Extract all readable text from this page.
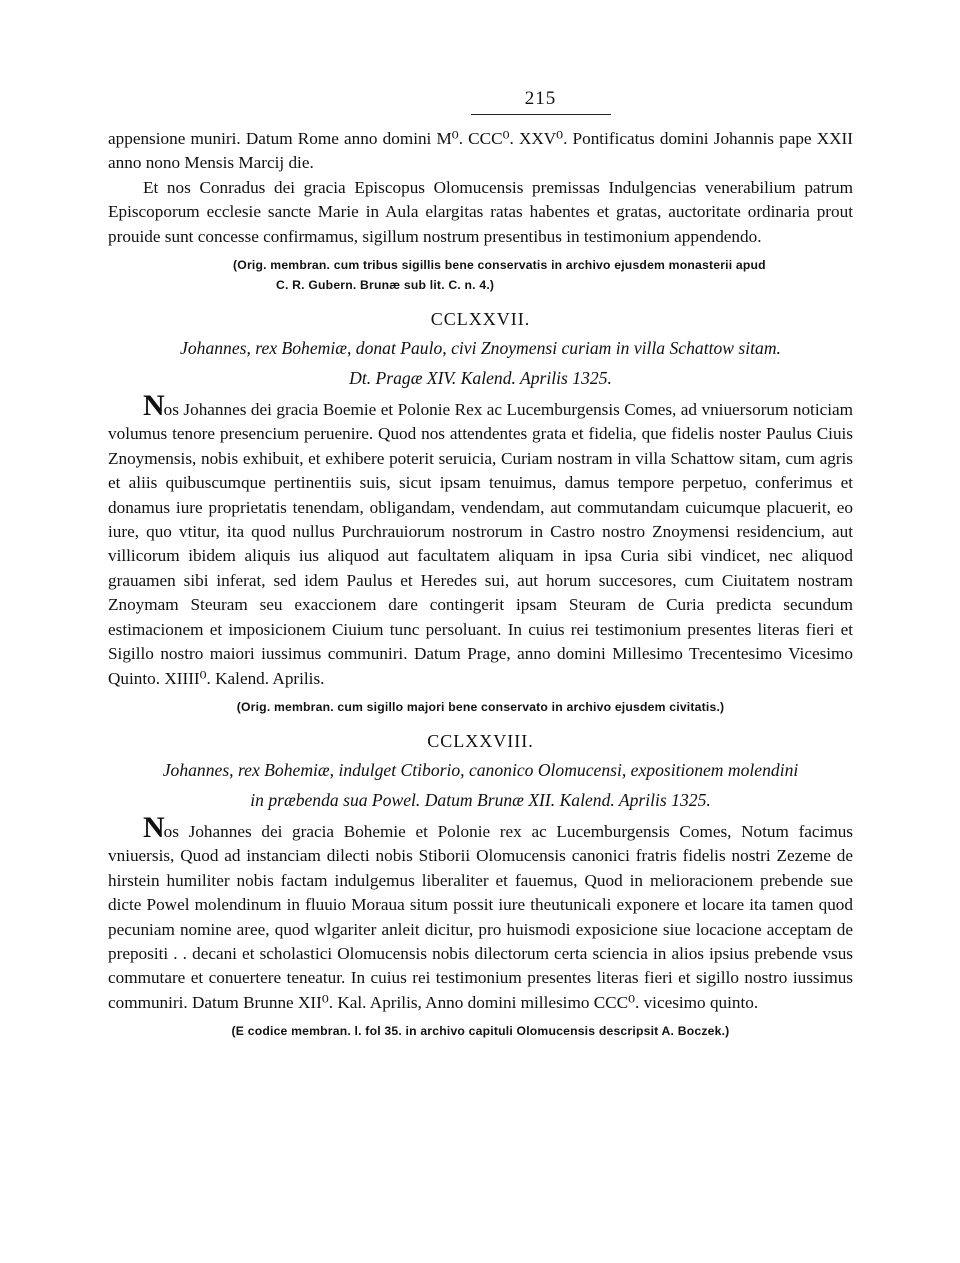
215

appensione muniri. Datum Rome anno domini M⁰. CCC⁰. XXV⁰. Pontificatus domini Johannis pape XXII anno nono Mensis Marcij die.

Et nos Conradus dei gracia Episcopus Olomucensis premissas Indulgencias venerabilium patrum Episcoporum ecclesie sancte Marie in Aula elargitas ratas habentes et gratas, auctoritate ordinaria prout prouide sunt concesse confirmamus, sigillum nostrum presentibus in testimonium appendendo.

(Orig. membran. cum tribus sigillis bene conservatis in archivo ejusdem monasterii apud
C. R. Gubern. Brunæ sub lit. C. n. 4.)
CCLXXVII.
Johannes, rex Bohemiæ, donat Paulo, civi Znoymensi curiam in villa Schattow sitam.
Dt. Pragæ XIV. Kalend. Aprilis 1325.

Nos Johannes dei gracia Boemie et Polonie Rex ac Lucemburgensis Comes, ad vniuersorum noticiam volumus tenore presencium peruenire. Quod nos attendentes grata et fidelia, que fidelis noster Paulus Ciuis Znoymensis, nobis exhibuit, et exhibere poterit seruicia, Curiam nostram in villa Schattow sitam, cum agris et aliis quibuscumque pertinentiis suis, sicut ipsam tenuimus, damus tempore perpetuo, conferimus et donamus iure proprietatis tenendam, obligandam, vendendam, aut commutandam cuicumque placuerit, eo iure, quo vtitur, ita quod nullus Purchrauiorum nostrorum in Castro nostro Znoymensi residencium, aut villicorum ibidem aliquis ius aliquod aut facultatem aliquam in ipsa Curia sibi vindicet, nec aliquod grauamen sibi inferat, sed idem Paulus et Heredes sui, aut horum succesores, cum Ciuitatem nostram Znoymam Steuram seu exaccionem dare contingerit ipsam Steuram de Curia predicta secundum estimacionem et imposicionem Ciuium tunc persoluant. In cuius rei testimonium presentes literas fieri et Sigillo nostro maiori iussimus communiri. Datum Prage, anno domini Millesimo Trecentesimo Vicesimo Quinto. XIIII⁰. Kalend. Aprilis.

(Orig. membran. cum sigillo majori bene conservato in archivo ejusdem civitatis.)
CCLXXVIII.
Johannes, rex Bohemiæ, indulget Ctiborio, canonico Olomucensi, expositionem molendini
in præbenda sua Powel. Datum Brunæ XII. Kalend. Aprilis 1325.

Nos Johannes dei gracia Bohemie et Polonie rex ac Lucemburgensis Comes, Notum facimus vniuersis, Quod ad instanciam dilecti nobis Stiborii Olomucensis canonici fratris fidelis nostri Zezeme de hirstein humiliter nobis factam indulgemus liberaliter et fauemus, Quod in melioracionem prebende sue dicte Powel molendinum in fluuio Moraua situm possit iure theutunicali exponere et locare ita tamen quod pecuniam nomine aree, quod wlgariter anleit dicitur, pro huismodi exposicione siue locacione acceptam de prepositi . . decani et scholastici Olomucensis nobis dilectorum certa sciencia in alios ipsius prebende vsus commutare et conuertere teneatur. In cuius rei testimonium presentes literas fieri et sigillo nostro iussimus communiri. Datum Brunne XII⁰. Kal. Aprilis, Anno domini millesimo CCC⁰. vicesimo quinto.

(E codice membran. l. fol 35. in archivo capituli Olomucensis descripsit A. Boczek.)
